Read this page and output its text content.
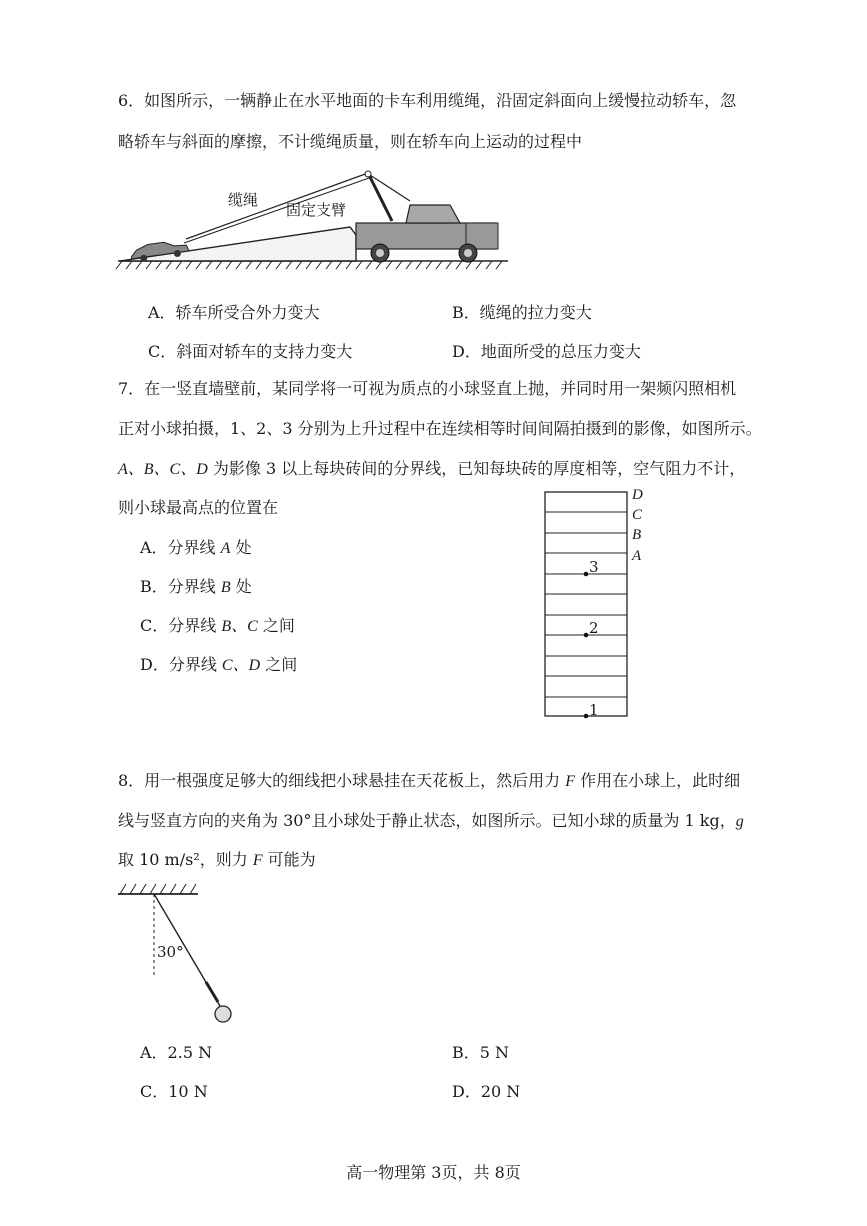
6．如图所示，一辆静止在水平地面的卡车利用缆绳，沿固定斜面向上缓慢拉动轿车，忽
略轿车与斜面的摩擦，不计缆绳质量，则在轿车向上运动的过程中
缆绳
固定支臂
A．轿车所受合外力变大	B．缆绳的拉力变大
C．斜面对轿车的支持力变大	D．地面所受的总压力变大
7．在一竖直墙壁前，某同学将一可视为质点的小球竖直上抛，并同时用一架频闪照相机
正对小球拍摄，1、2、3 分别为上升过程中在连续相等时间间隔拍摄到的影像，如图所示。
A、B、C、D 为影像 3 以上每块砖间的分界线，已知每块砖的厚度相等，空气阻力不计，
则小球最高点的位置在
A．分界线 A 处
B．分界线 B 处
C．分界线 B、C 之间
D．分界线 C、D 之间
D
C
B
A
3
2
1
8．用一根强度足够大的细线把小球悬挂在天花板上，然后用力 F 作用在小球上，此时细
线与竖直方向的夹角为 30°且小球处于静止状态，如图所示。已知小球的质量为 1 kg，g
取 10 m/s²，则力 F 可能为
30°
A．2.5 N	B．5 N
C．10 N	D．20 N
高一物理第 3页，共 8页
